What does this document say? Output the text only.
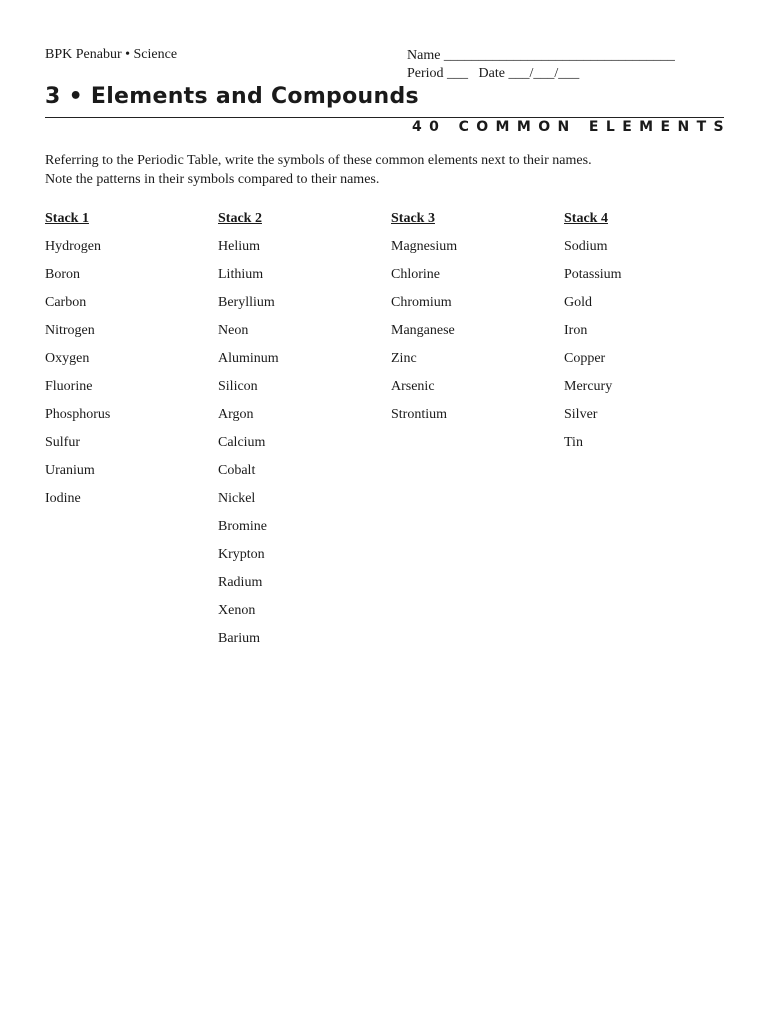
BPK Penabur • Science	Name _________________________________
Period ___   Date ___/___/___
3 • Elements and Compounds
40 COMMON ELEMENTS
Referring to the Periodic Table, write the symbols of these common elements next to their names.
Note the patterns in their symbols compared to their names.
Stack 1
Hydrogen
Boron
Carbon
Nitrogen
Oxygen
Fluorine
Phosphorus
Sulfur
Uranium
Iodine
Stack 2
Helium
Lithium
Beryllium
Neon
Aluminum
Silicon
Argon
Calcium
Cobalt
Nickel
Bromine
Krypton
Radium
Xenon
Barium
Stack 3
Magnesium
Chlorine
Chromium
Manganese
Zinc
Arsenic
Strontium
Stack 4
Sodium
Potassium
Gold
Iron
Copper
Mercury
Silver
Tin
